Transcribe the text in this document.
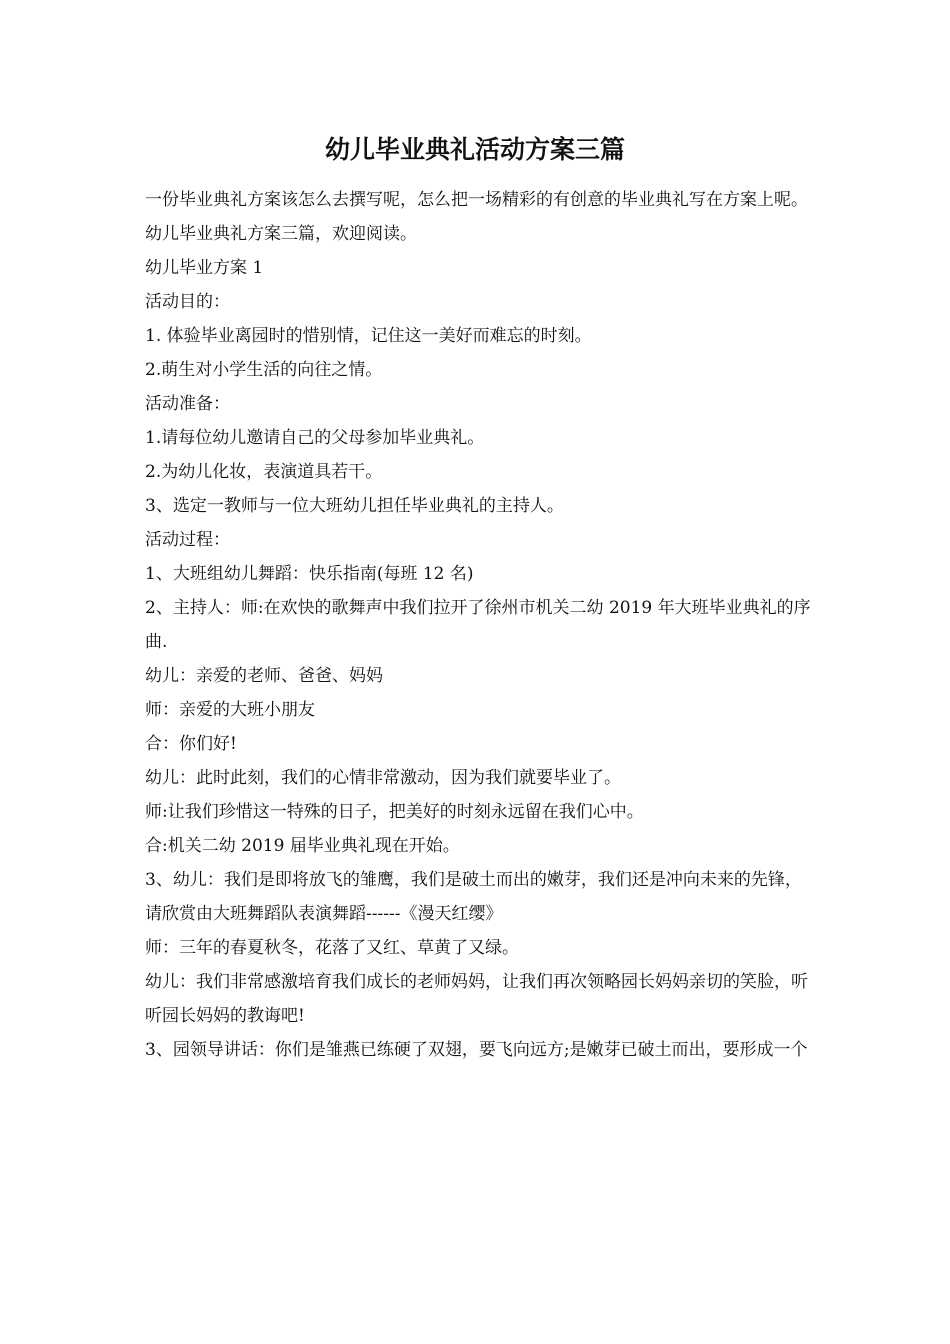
幼儿毕业典礼活动方案三篇

一份毕业典礼方案该怎么去撰写呢，怎么把一场精彩的有创意的毕业典礼写在方案上呢。幼儿毕业典礼方案三篇，欢迎阅读。

幼儿毕业方案 1

活动目的：

1. 体验毕业离园时的惜别情，记住这一美好而难忘的时刻。

2.萌生对小学生活的向往之情。

活动准备：

1.请每位幼儿邀请自己的父母参加毕业典礼。

2.为幼儿化妆，表演道具若干。

3、选定一教师与一位大班幼儿担任毕业典礼的主持人。

活动过程：

1、大班组幼儿舞蹈：快乐指南(每班 12 名)

2、主持人：师:在欢快的歌舞声中我们拉开了徐州市机关二幼 2019 年大班毕业典礼的序曲.

幼儿：亲爱的老师、爸爸、妈妈

师：亲爱的大班小朋友

合：你们好!

幼儿：此时此刻，我们的心情非常激动，因为我们就要毕业了。

师:让我们珍惜这一特殊的日子，把美好的时刻永远留在我们心中。

合:机关二幼 2019 届毕业典礼现在开始。

3、幼儿：我们是即将放飞的雏鹰，我们是破土而出的嫩芽，我们还是冲向未来的先锋，

请欣赏由大班舞蹈队表演舞蹈------《漫天红缨》

师：三年的春夏秋冬，花落了又红、草黄了又绿。

幼儿：我们非常感激培育我们成长的老师妈妈，让我们再次领略园长妈妈亲切的笑脸，听

听园长妈妈的教诲吧!

3、园领导讲话：你们是雏燕已练硬了双翅，要飞向远方;是嫩芽已破土而出，要形成一个
